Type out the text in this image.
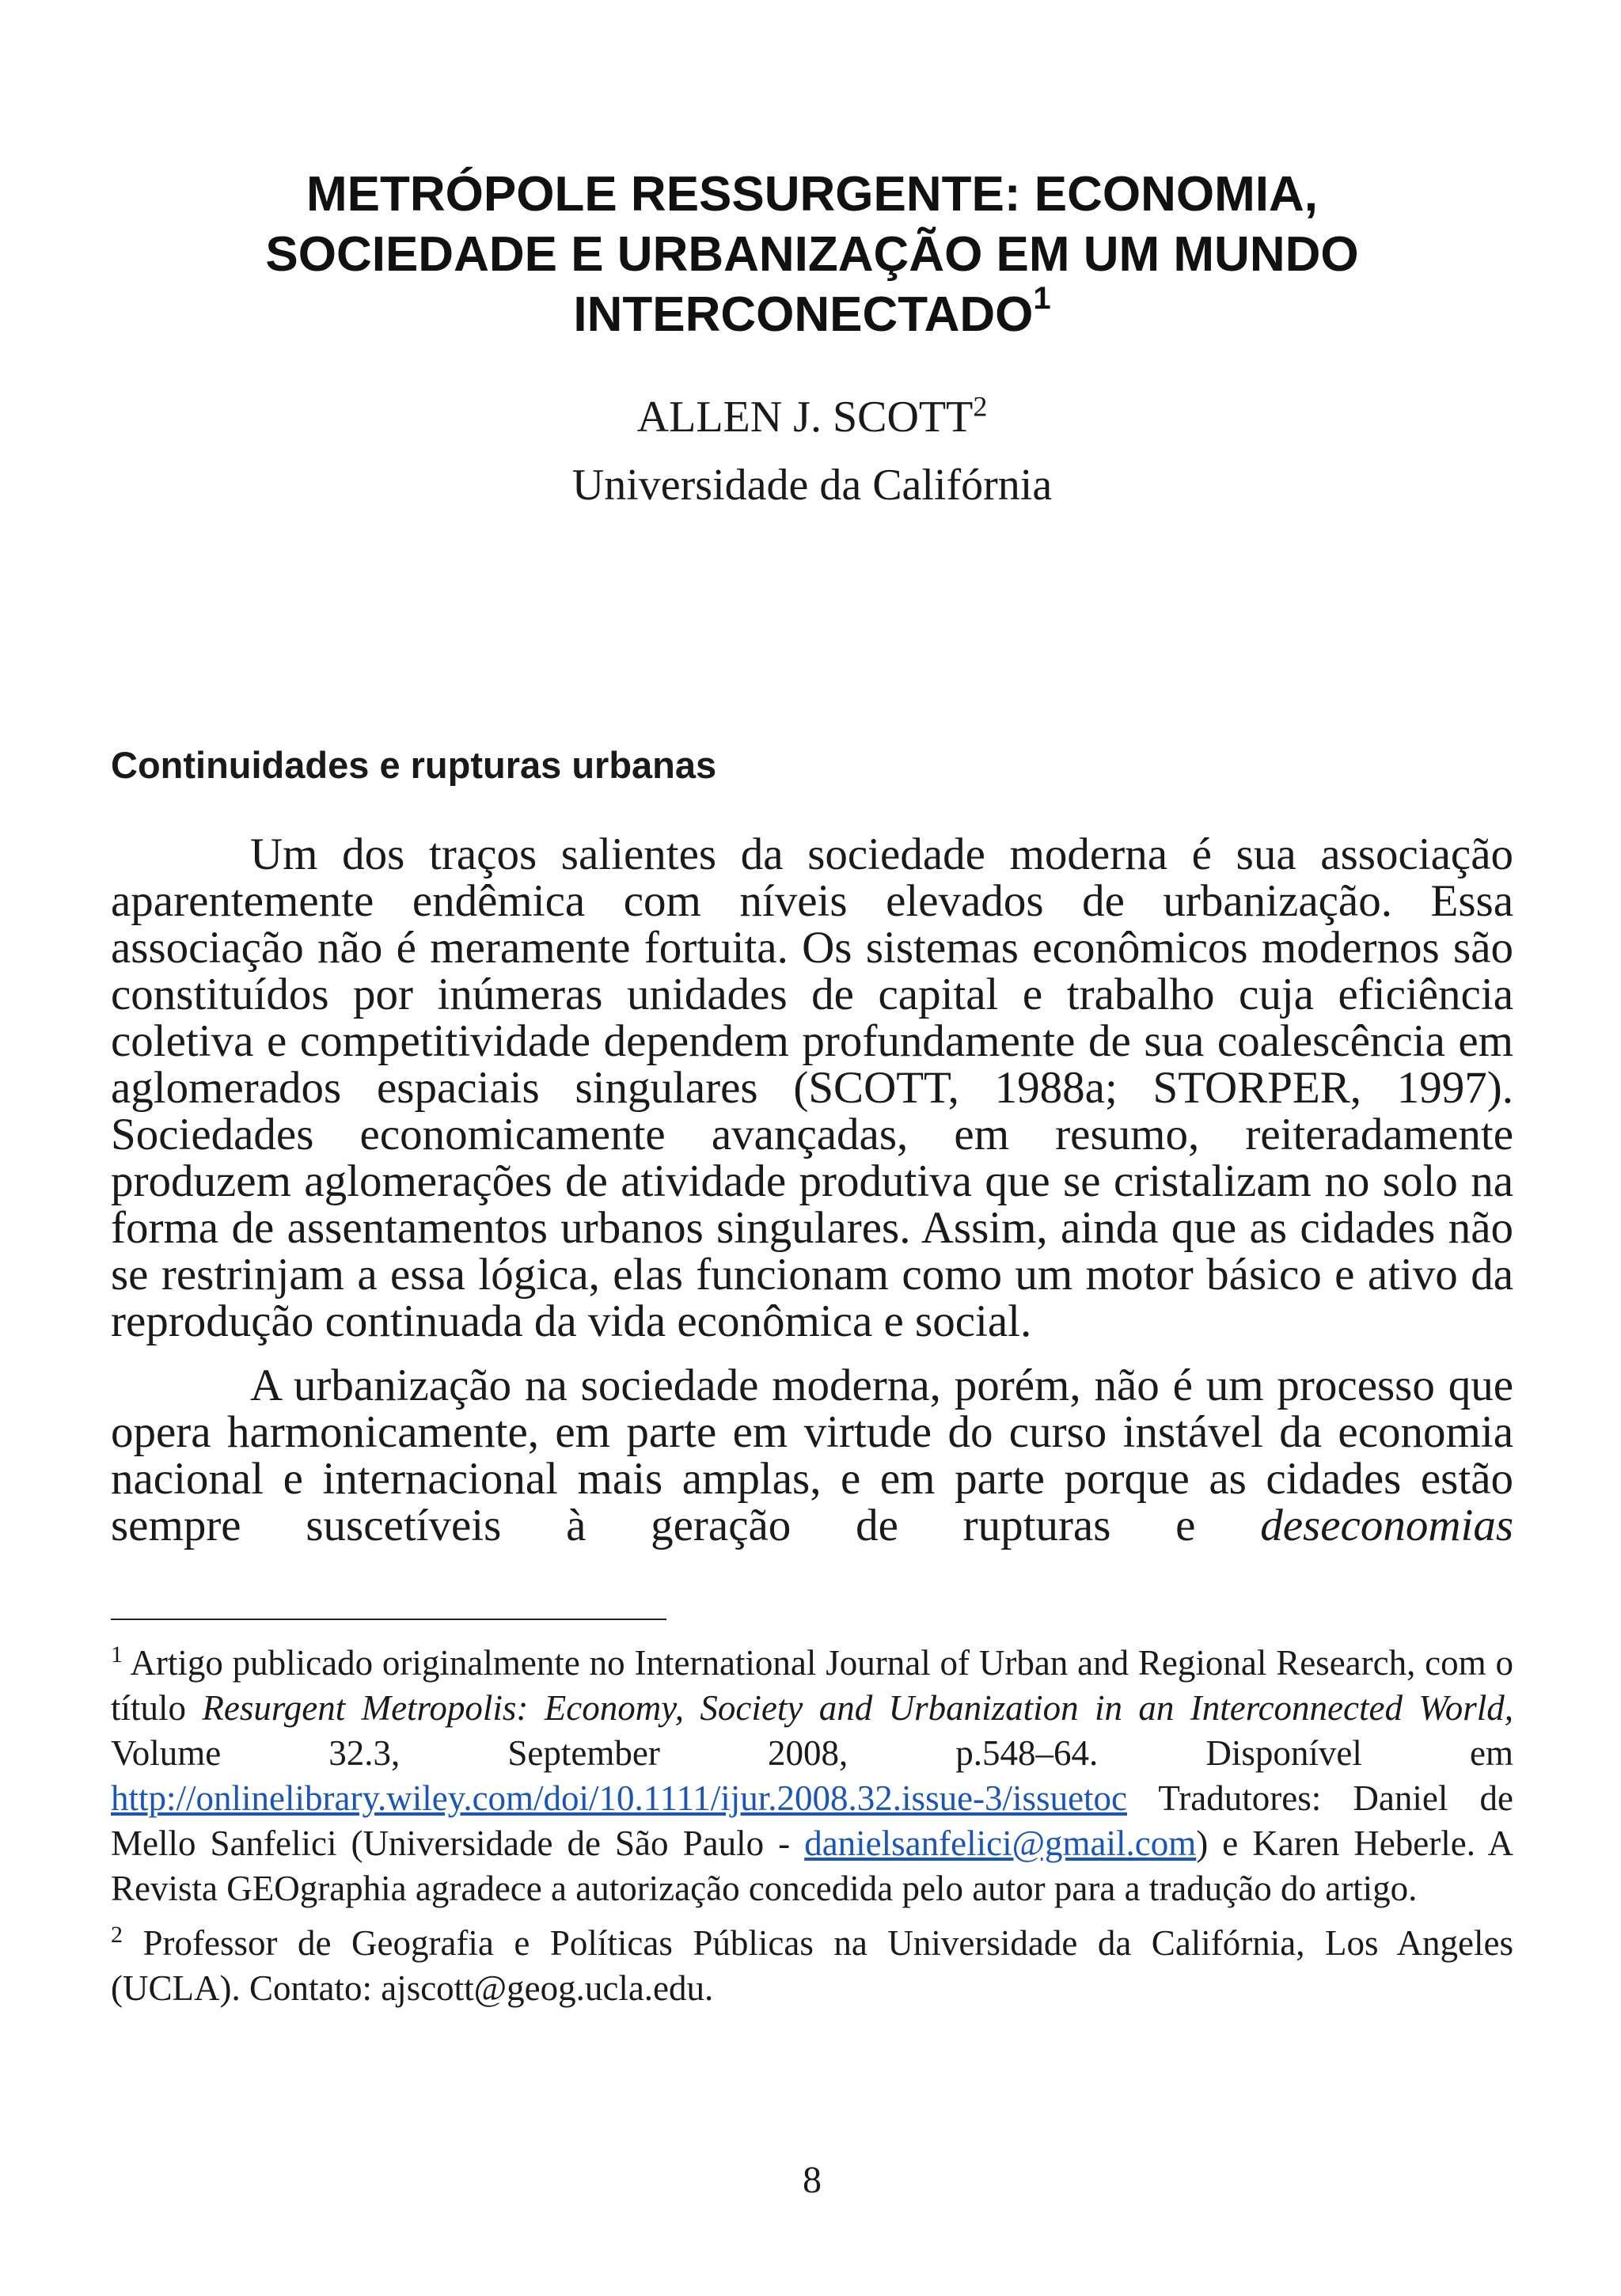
METRÓPOLE RESSURGENTE: ECONOMIA,
SOCIEDADE E URBANIZAÇÃO EM UM MUNDO
INTERCONECTADO$^1$

ALLEN J. SCOTT$^2$

Universidade da Califórnia

Continuidades e rupturas urbanas

Um dos traços salientes da sociedade moderna é sua associação aparentemente endêmica com níveis elevados de urbanização. Essa associação não é meramente fortuita. Os sistemas econômicos modernos são constituídos por inúmeras unidades de capital e trabalho cuja eficiência coletiva e competitividade dependem profundamente de sua coalescência em aglomerados espaciais singulares (SCOTT, 1988a; STORPER, 1997). Sociedades economicamente avançadas, em resumo, reiteradamente produzem aglomerações de atividade produtiva que se cristalizam no solo na forma de assentamentos urbanos singulares. Assim, ainda que as cidades não se restrinjam a essa lógica, elas funcionam como um motor básico e ativo da reprodução continuada da vida econômica e social.

A urbanização na sociedade moderna, porém, não é um processo que opera harmonicamente, em parte em virtude do curso instável da economia nacional e internacional mais amplas, e em parte porque as cidades estão sempre suscetíveis à geração de rupturas e deseconomias

$^1$ Artigo publicado originalmente no International Journal of Urban and Regional Research, com o título Resurgent Metropolis: Economy, Society and Urbanization in an Interconnected World, Volume 32.3, September 2008, p.548–64. Disponível em http://onlinelibrary.wiley.com/doi/10.1111/ijur.2008.32.issue-3/issuetoc Tradutores: Daniel de Mello Sanfelici (Universidade de São Paulo - danielsanfelici@gmail.com) e Karen Heberle. A Revista GEOgraphia agradece a autorização concedida pelo autor para a tradução do artigo.

$^2$ Professor de Geografia e Políticas Públicas na Universidade da Califórnia, Los Angeles (UCLA). Contato: ajscott@geog.ucla.edu.

8
